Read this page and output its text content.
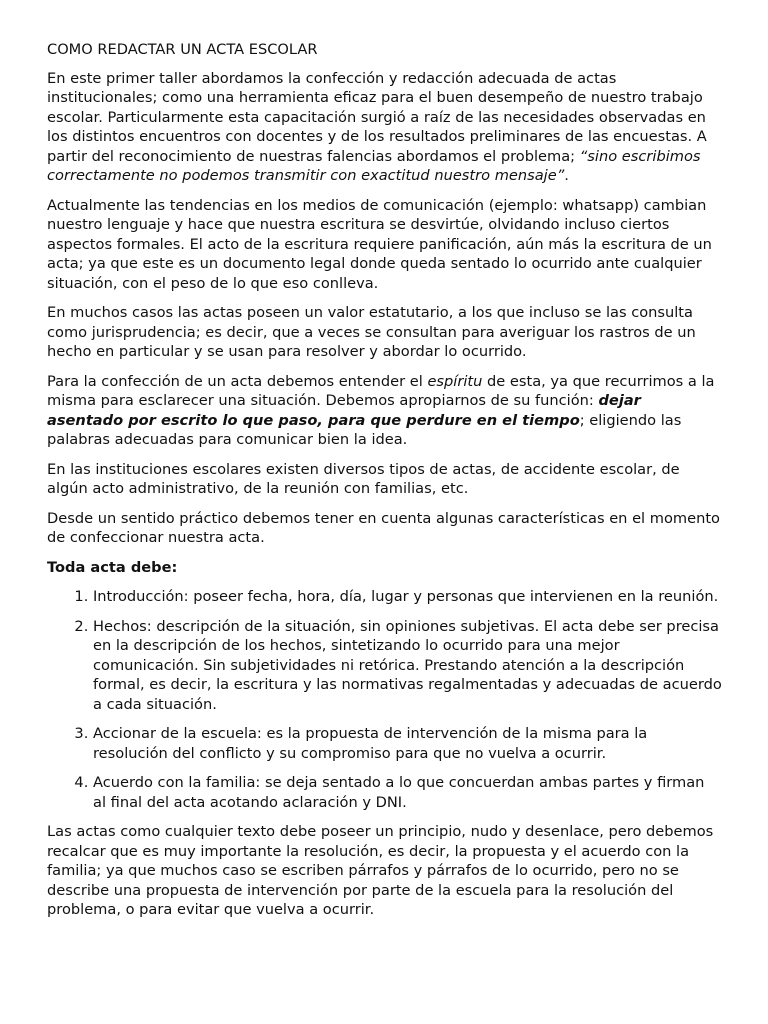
COMO REDACTAR UN ACTA ESCOLAR

En este primer taller abordamos la confección y redacción adecuada de actas institucionales; como una herramienta eficaz para el buen desempeño de nuestro trabajo escolar. Particularmente esta capacitación surgió a raíz de las necesidades observadas en los distintos encuentros con docentes y de los resultados preliminares de las encuestas. A partir del reconocimiento de nuestras falencias abordamos el problema; “sino escribimos correctamente no podemos transmitir con exactitud nuestro mensaje”.

Actualmente las tendencias en los medios de comunicación (ejemplo: whatsapp) cambian nuestro lenguaje y hace que nuestra escritura se desvirtúe, olvidando incluso ciertos aspectos formales. El acto de la escritura requiere panificación, aún más la escritura de un acta; ya que este es un documento legal donde queda sentado lo ocurrido ante cualquier situación, con el peso de lo que eso conlleva.

En muchos casos las actas poseen un valor estatutario, a los que incluso se las consulta como jurisprudencia; es decir, que a veces se consultan para averiguar los rastros de un hecho en particular y se usan para resolver y abordar lo ocurrido.

Para la confección de un acta debemos entender el espíritu de esta, ya que recurrimos a la misma para esclarecer una situación. Debemos apropiarnos de su función: dejar asentado por escrito lo que paso, para que perdure en el tiempo; eligiendo las palabras adecuadas para comunicar bien la idea.

En las instituciones escolares existen diversos tipos de actas, de accidente escolar, de algún acto administrativo, de la reunión con familias, etc.

Desde un sentido práctico debemos tener en cuenta algunas características en el momento de confeccionar nuestra acta.

Toda acta debe:

1. Introducción: poseer fecha, hora, día, lugar y personas que intervienen en la reunión.
2. Hechos: descripción de la situación, sin opiniones subjetivas. El acta debe ser precisa en la descripción de los hechos, sintetizando lo ocurrido para una mejor comunicación. Sin subjetividades ni retórica. Prestando atención a la descripción formal, es decir, la escritura y las normativas regalmentadas y adecuadas de acuerdo a cada situación.
3. Accionar de la escuela: es la propuesta de intervención de la misma para la resolución del conflicto y su compromiso para que no vuelva a ocurrir.
4. Acuerdo con la familia: se deja sentado a lo que concuerdan ambas partes y firman al final del acta acotando aclaración y DNI.

Las actas como cualquier texto debe poseer un principio, nudo y desenlace, pero debemos recalcar que es muy importante la resolución, es decir, la propuesta y el acuerdo con la familia; ya que muchos caso se escriben párrafos y párrafos de lo ocurrido, pero no se describe una propuesta de intervención por parte de la escuela para la resolución del problema, o para evitar que vuelva a ocurrir.
